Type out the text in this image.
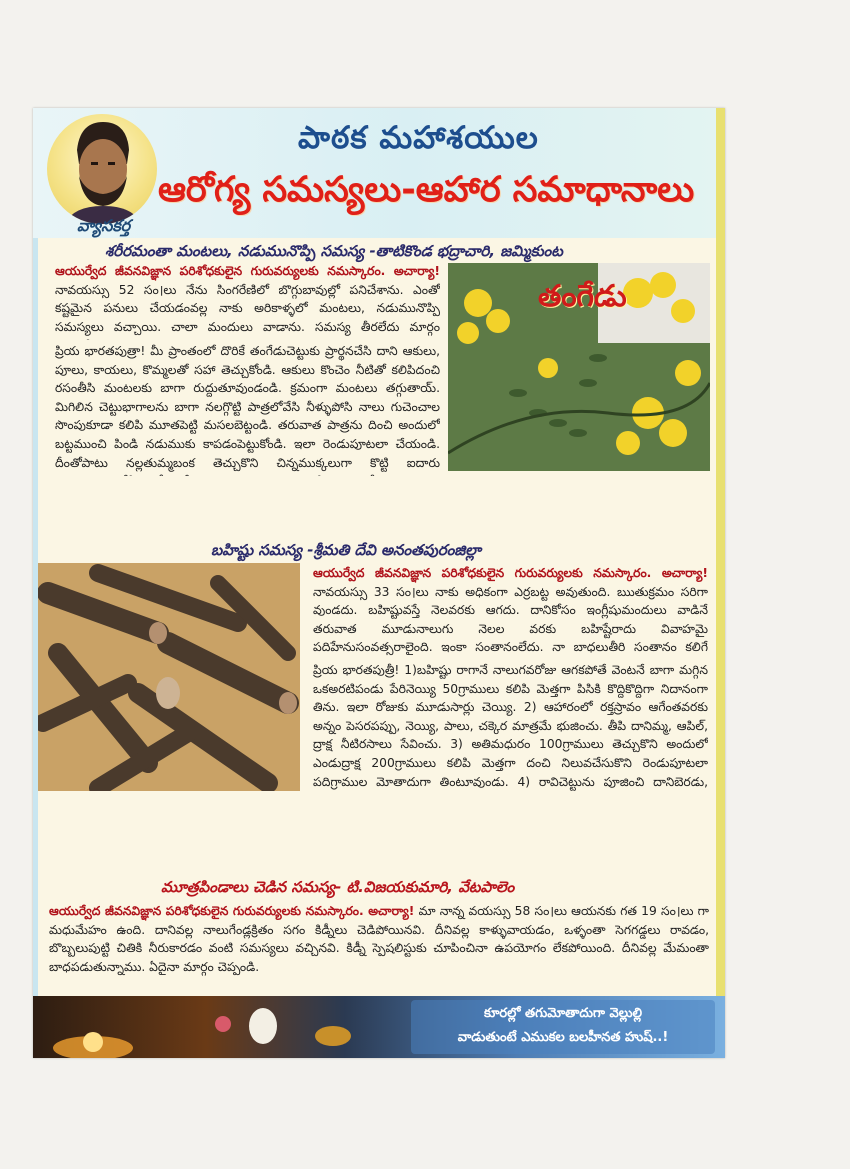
వ్యాసకర్త
పాఠక మహాశయుల
ఆరోగ్య సమస్యలు-ఆహార సమాధానాలు
శరీరమంతా మంటలు, నడుమునొప్పి సమస్య -తాటికొండ భద్రాచారి, జమ్మికుంట

ఆయుర్వేద జీవనవిజ్ఞాన పరిశోధకులైన గురువర్యులకు నమస్కారం. అచార్యా! నావయస్సు 52 సం।లు నేను సింగరేణిలో బొగ్గుబావుల్లో పనిచేశాను. ఎంతో కష్టమైన పనులు చేయడంవల్ల నాకు అరికాళ్ళలో మంటలు, నడుమునొప్పి సమస్యలు వచ్చాయి. చాలా మందులు వాడాను. సమస్య తీరలేదు మార్గం

ప్రియ భారతపుత్రా! మీ ప్రాంతంలో దొరికే తంగేడుచెట్టుకు ప్రార్థనచేసి దాని ఆకులు, పూలు, కాయలు, కొమ్మలతో సహా తెచ్చుకోండి. ఆకులు కొంచెం నీటితో కలిపిదంచి రసంతీసి మంటలకు బాగా రుద్దుతూవుండండి. క్రమంగా మంటలు తగ్గుతాయ్. మిగిలిన చెట్టుభాగాలను బాగా నలగ్గొట్టి పాత్రలోవేసి నీళ్ళుపోసి నాలు గుచెంచాల సొంపుకూడా కలిపి మూతపెట్టి మసలబెట్టండి. తరువాత పాత్రను దించి అందులో బట్టముంచి పిండి నడుముకు కాపడంపెట్టుకోండి. ఇలా రెండుపూటలా చేయండి. దీంతోపాటు నల్లతుమ్మబంక తెచ్చుకొని చిన్నముక్కలుగా కొట్టి ఐదారు

తంగేడు
బహిష్టు సమస్య -శ్రీమతి దేవి అనంతపురంజిల్లా

ఆయుర్వేద జీవనవిజ్ఞాన పరిశోధకులైన గురువర్యులకు నమస్కారం. అచార్యా! నావయస్సు 33 సం।లు నాకు అధికంగా ఎర్రబట్ట అవుతుంది. ఋతుక్రమం సరిగా వుండదు. బహిష్టువస్తే నెలవరకు ఆగదు. దానికోసం ఇంగ్లీషుమందులు వాడినే తరువాత మూడునాలుగు నెలల వరకు బహిష్టేరాదు వివాహమై పదిహేనుసంవత్సరాలైంది. ఇంకా సంతానంలేదు. నా బాధలుతీరి సంతానం కలిగే

ప్రియ భారతపుత్రీ! 1)బహిష్టు రాగానే నాలుగవరోజు ఆగకపోతే వెంటనే బాగా మగ్గిన ఒకఅరటిపండు పేరినెయ్యి 50గ్రాములు కలిపి మెత్తగా పిసికి కొద్దికొద్దిగా నిదానంగా తిను. ఇలా రోజుకు మూడుసార్లు చెయ్యి. 2) ఆహారంలో రక్తస్రావం ఆగేంతవరకు అన్నం పెసరపప్పు, నెయ్యి, పాలు, చక్కెర మాత్రమే భుజించు. తీపి దానిమ్మ, ఆపిల్, ద్రాక్ష నీటిరసాలు సేవించు. 3) అతిమధురం 100గ్రాములు తెచ్చుకొని అందులో ఎండుద్రాక్ష 200గ్రాములు కలిపి మెత్తగా దంచి నిలువచేసుకొని రెండుపూటలా పదిగ్రాముల మోతాదుగా తింటూవుండు. 4) రావిచెట్టును పూజించి దానిబెరడు,

మూత్రపిండాలు చెడిన సమస్య- టి.విజయకుమారి, వేటపాలెం

ఆయుర్వేద జీవనవిజ్ఞాన పరిశోధకులైన గురువర్యులకు నమస్కారం. అచార్యా! మా నాన్న వయస్సు 58 సం।లు ఆయనకు గత 19 సం।లు గా మధుమేహం ఉంది. దానివల్ల నాలుగేండ్లక్రితం సగం కిడ్నీలు చెడిపోయినవి. దీనివల్ల కాళ్ళువాయడం, ఒళ్ళంతా సెగగడ్డలు రావడం, బొబ్బలుపుట్టి చితికి నీరుకారడం వంటి సమస్యలు వచ్చినవి. కిడ్నీ స్పెషలిస్టుకు చూపించినా ఉపయోగం లేకపోయింది. దీనివల్ల మేమంతా బాధపడుతున్నాము. ఏదైనా మార్గం చెప్పండి.

కూరల్లో తగుమోతాదుగా వెల్లుల్లి
వాడుతుంటే ఎముకల బలహీనత హుష్..!
